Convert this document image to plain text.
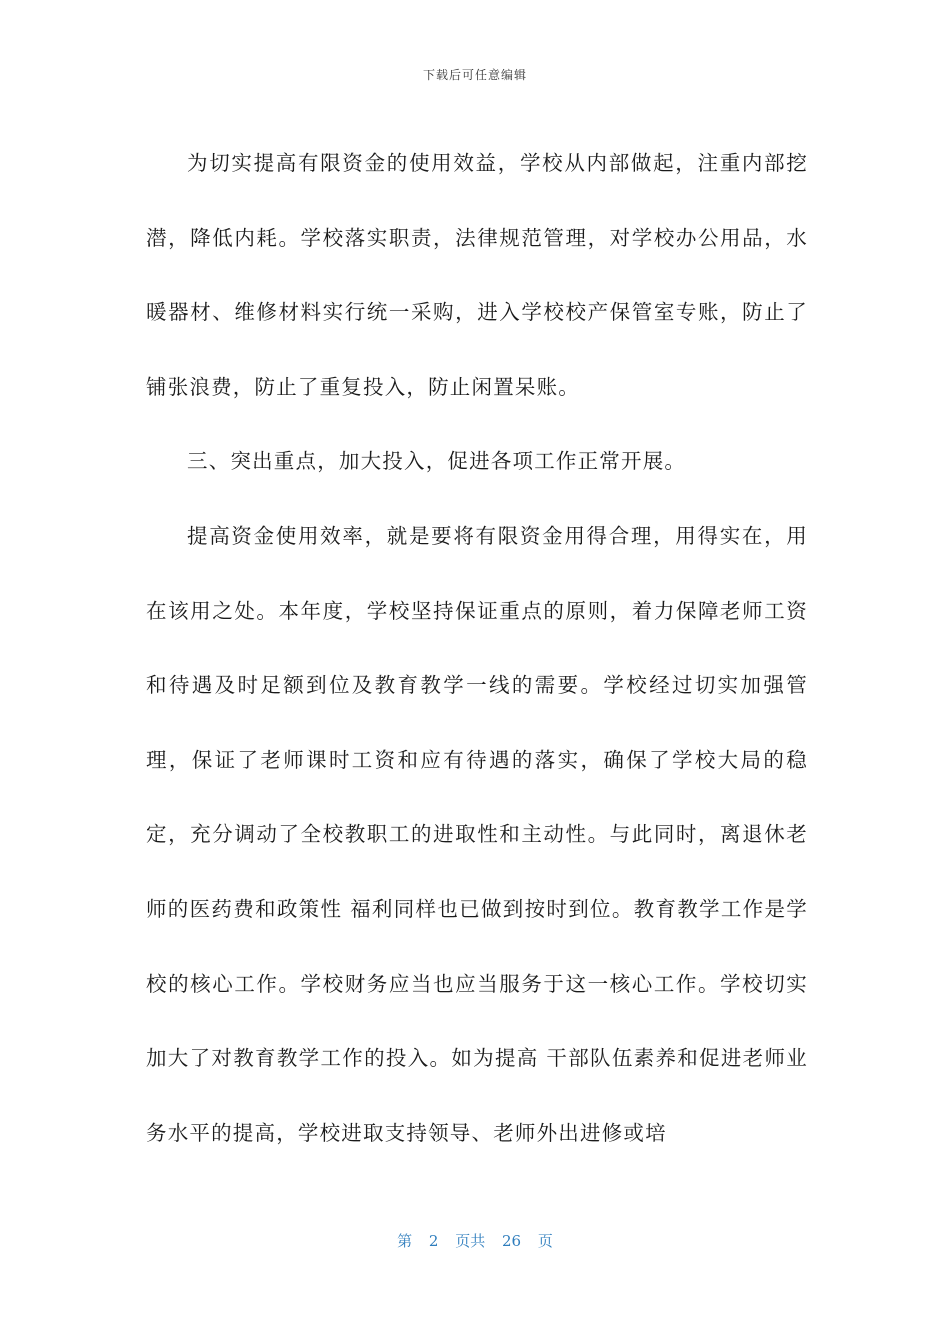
下载后可任意编辑

为切实提高有限资金的使用效益，学校从内部做起，注重内部挖潜，降低内耗。学校落实职责，法律规范管理，对学校办公用品，水暖器材、维修材料实行统一采购，进入学校校产保管室专账，防止了铺张浪费，防止了重复投入，防止闲置呆账。

三、突出重点，加大投入，促进各项工作正常开展。

提高资金使用效率，就是要将有限资金用得合理，用得实在，用在该用之处。本年度，学校坚持保证重点的原则，着力保障老师工资和待遇及时足额到位及教育教学一线的需要。学校经过切实加强管理，保证了老师课时工资和应有待遇的落实，确保了学校大局的稳定，充分调动了全校教职工的进取性和主动性。与此同时，离退休老师的医药费和政策性 福利同样也已做到按时到位。教育教学工作是学校的核心工作。学校财务应当也应当服务于这一核心工作。学校切实加大了对教育教学工作的投入。如为提高 干部队伍素养和促进老师业务水平的提高，学校进取支持领导、老师外出进修或培

第 2 页共 26 页
